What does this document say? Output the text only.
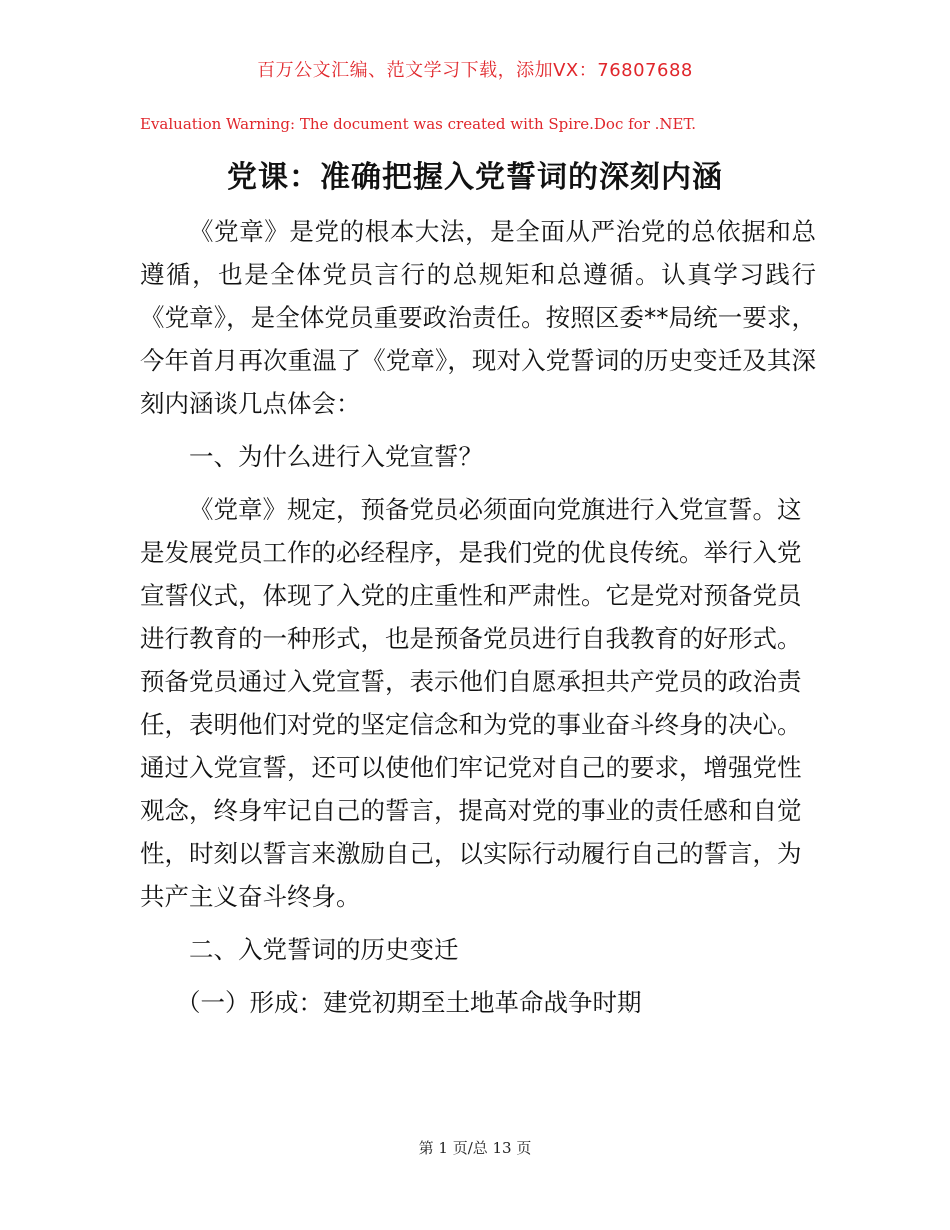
百万公文汇编、范文学习下载，添加VX：76807688
Evaluation Warning: The document was created with Spire.Doc for .NET.
党课：准确把握入党誓词的深刻内涵

《党章》是党的根本大法，是全面从严治党的总依据和总遵循，也是全体党员言行的总规矩和总遵循。认真学习践行《党章》，是全体党员重要政治责任。按照区委**局统一要求，今年首月再次重温了《党章》，现对入党誓词的历史变迁及其深刻内涵谈几点体会：

一、为什么进行入党宣誓？

《党章》规定，预备党员必须面向党旗进行入党宣誓。这是发展党员工作的必经程序，是我们党的优良传统。举行入党宣誓仪式，体现了入党的庄重性和严肃性。它是党对预备党员进行教育的一种形式，也是预备党员进行自我教育的好形式。预备党员通过入党宣誓，表示他们自愿承担共产党员的政治责任，表明他们对党的坚定信念和为党的事业奋斗终身的决心。通过入党宣誓，还可以使他们牢记党对自己的要求，增强党性观念，终身牢记自己的誓言，提高对党的事业的责任感和自觉性，时刻以誓言来激励自己，以实际行动履行自己的誓言，为共产主义奋斗终身。

二、入党誓词的历史变迁

（一）形成：建党初期至土地革命战争时期

第 1 页/总 13 页
